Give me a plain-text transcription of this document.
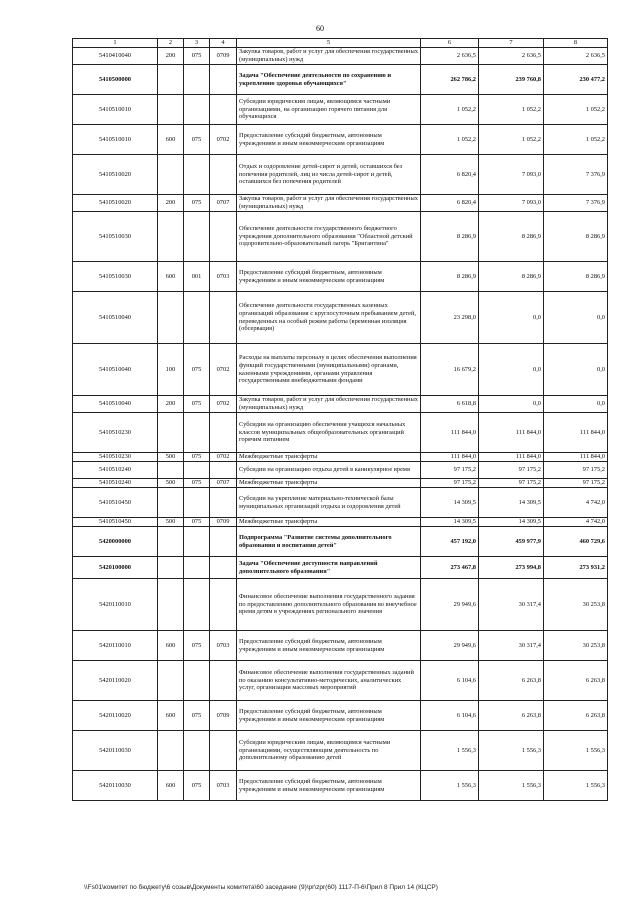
60
1	2	3	4	5	6	7	8
5410410040	200	075	0709	Закупка товаров, работ и услуг для обеспечения государственных (муниципальных) нужд	2 636,5	2 636,5	2 636,5
5410500000				Задача "Обеспечение деятельности по сохранению и укреплению здоровья обучающихся"	262 786,2	239 760,8	230 477,2
5410510010				Субсидии юридическим лицам, являющимся частными организациями, на организацию горячего питания для обучающихся	1 052,2	1 052,2	1 052,2
5410510010	600	075	0702	Предоставление субсидий бюджетным, автономным учреждениям и иным некоммерческим организациям	1 052,2	1 052,2	1 052,2
5410510020				Отдых и оздоровление детей-сирот и детей, оставшихся без попечения родителей, лиц из числа детей-сирот и детей, оставшихся без попечения родителей	6 820,4	7 093,0	7 376,9
5410510020	200	075	0707	Закупка товаров, работ и услуг для обеспечения государственных (муниципальных) нужд	6 820,4	7 093,0	7 376,9
5410510030				Обеспечение деятельности государственного бюджетного учреждения дополнительного образования "Областной детский оздоровительно-образовательный лагерь "Бригантина"	8 286,9	8 286,9	8 286,9
5410510030	600	001	0703	Предоставление субсидий бюджетным, автономным учреждениям и иным некоммерческим организациям	8 286,9	8 286,9	8 286,9
5410510040				Обеспечение деятельности государственных казенных организаций образования с круглосуточным пребыванием детей, переведенных на особый режим работы (временная изоляция (обсервация)	23 298,0	0,0	0,0
5410510040	100	075	0702	Расходы на выплаты персоналу в целях обеспечения выполнения функций государственными (муниципальными) органами, казенными учреждениями, органами управления государственными внебюджетными фондами	16 679,2	0,0	0,0
5410510040	200	075	0702	Закупка товаров, работ и услуг для обеспечения государственных (муниципальных) нужд	6 618,8	0,0	0,0
5410510230				Субсидии на организацию обеспечения учащихся начальных классов муниципальных общеобразовательных организаций горячим питанием	111 844,0	111 844,0	111 844,0
5410510230	500	075	0702	Межбюджетные трансферты	111 844,0	111 844,0	111 844,0
5410510240				Субсидии на организацию отдыха детей в каникулярное время	97 175,2	97 175,2	97 175,2
5410510240	500	075	0707	Межбюджетные трансферты	97 175,2	97 175,2	97 175,2
5410510450				Субсидии на укрепление материально-технической базы муниципальных организаций отдыха и оздоровления детей	14 309,5	14 309,5	4 742,0
5410510450	500	075	0709	Межбюджетные трансферты	14 309,5	14 309,5	4 742,0
5420000000				Подпрограмма "Развитие системы дополнительного образования и воспитания детей"	457 192,0	459 977,9	460 729,6
5420100000				Задача "Обеспечение доступности направлений дополнительного образования"	273 467,8	273 994,8	273 931,2
5420110010				Финансовое обеспечение выполнения государственного задания по предоставлению дополнительного образования во внеучебное время детям в учреждениях регионального значения	29 949,6	30 317,4	30 253,8
5420110010	600	075	0703	Предоставление субсидий бюджетным, автономным учреждениям и иным некоммерческим организациям	29 949,6	30 317,4	30 253,8
5420110020				Финансовое обеспечение выполнения государственных заданий по оказанию консультативно-методических, аналитических услуг, организации массовых мероприятий	6 104,6	6 263,8	6 263,8
5420110020	600	075	0709	Предоставление субсидий бюджетным, автономным учреждениям и иным некоммерческим организациям	6 104,6	6 263,8	6 263,8
5420110030				Субсидии юридическим лицам, являющимся частными организациями, осуществляющим деятельность по дополнительному образованию детей	1 556,3	1 556,3	1 556,3
5420110030	600	075	0703	Предоставление субсидий бюджетным, автономным учреждениям и иным некоммерческим организациям	1 556,3	1 556,3	1 556,3
\\Fs01\комитет по бюджету\6 созыв\Документы комитета\60 заседание (9)\pr\zpr(60) 1117-П-6\Прил 8 Прил 14 (КЦСР)
